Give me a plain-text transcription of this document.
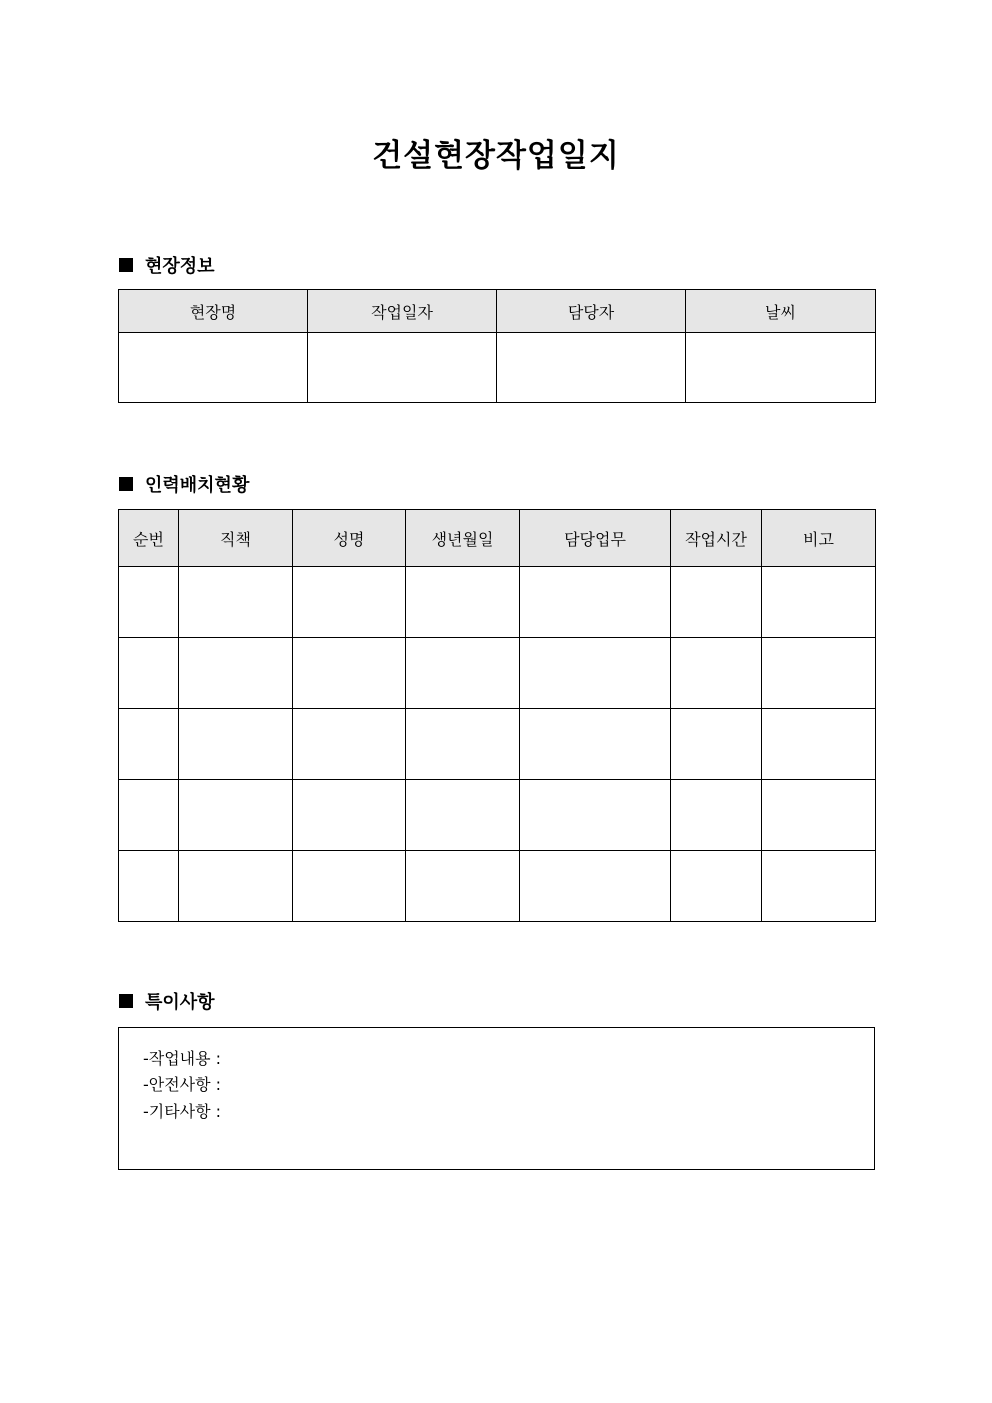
건설현장작업일지
현장정보
현장명	작업일자	담당자	날씨

인력배치현황
순번	직책	성명	생년월일	담당업무	작업시간	비고

특이사항
-작업내용 :
-안전사항 :
-기타사항 :
